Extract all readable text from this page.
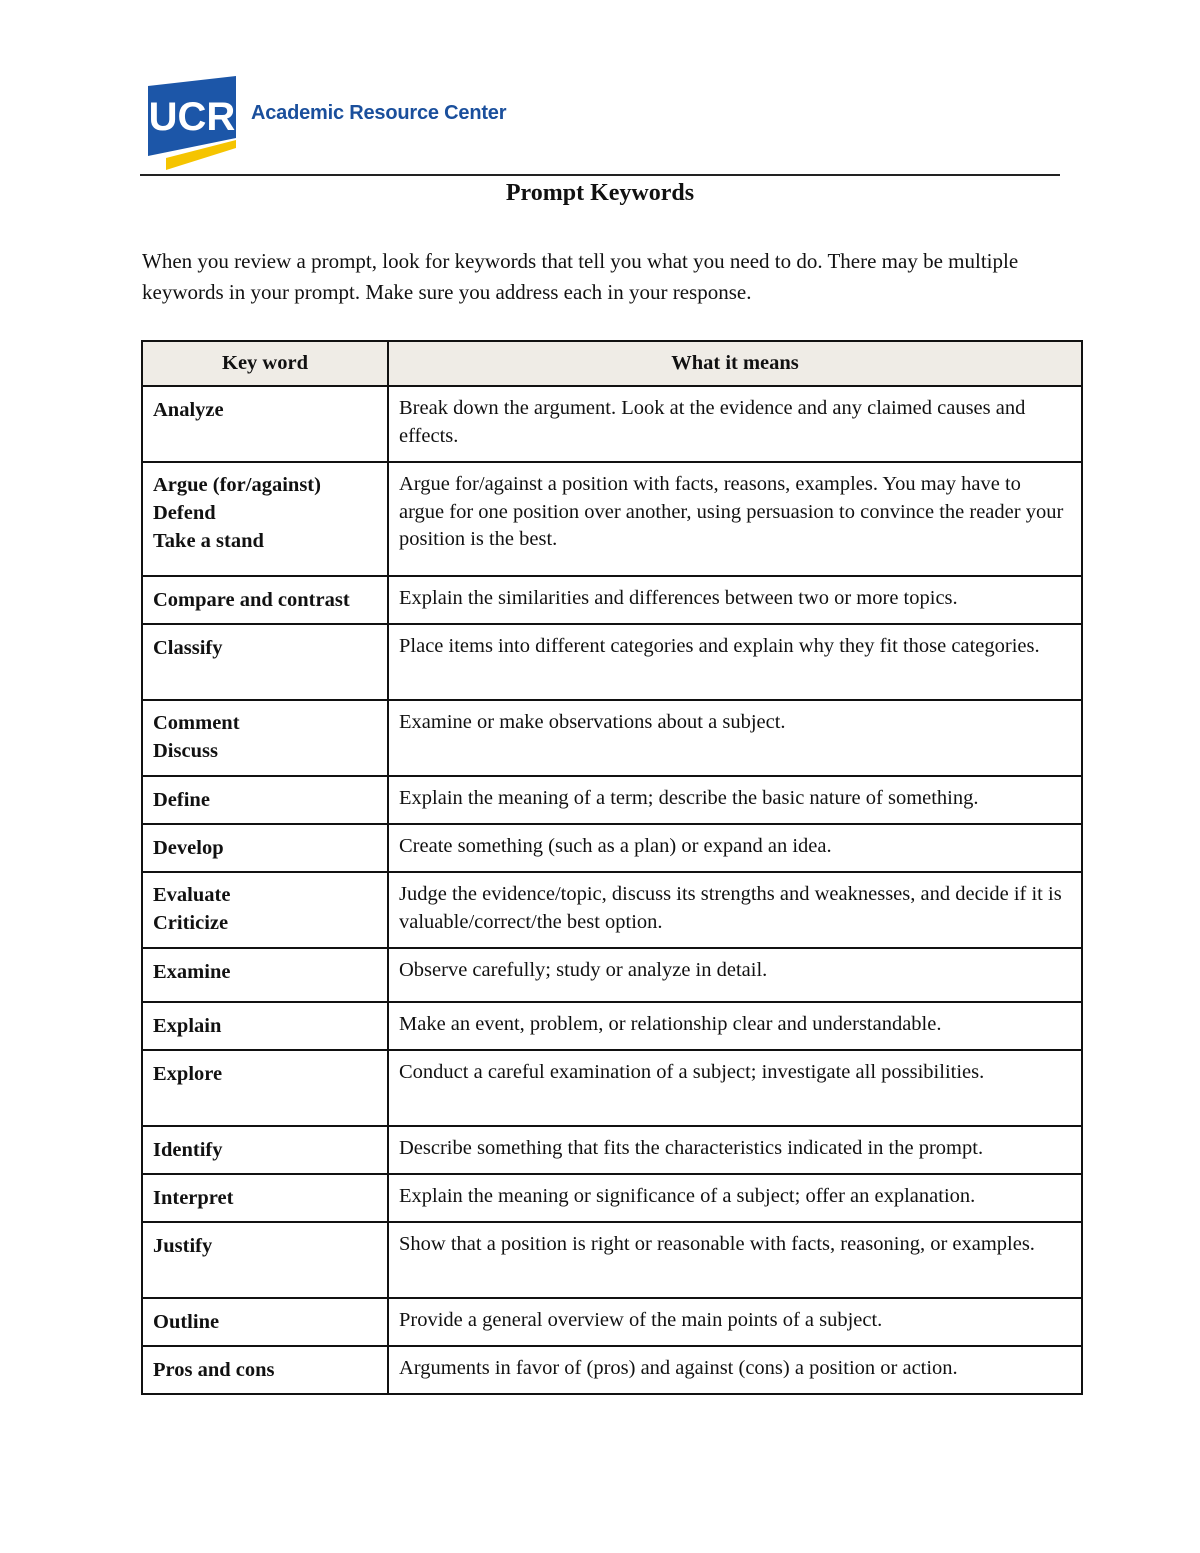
UCR Academic Resource Center
Prompt Keywords
When you review a prompt, look for keywords that tell you what you need to do. There may be multiple keywords in your prompt. Make sure you address each in your response.
Key word	What it means

Analyze	Break down the argument. Look at the evidence and any claimed causes and effects.

Argue (for/against)
Defend
Take a stand	Argue for/against a position with facts, reasons, examples. You may have to argue for one position over another, using persuasion to convince the reader your position is the best.

Compare and contrast	Explain the similarities and differences between two or more topics.

Classify	Place items into different categories and explain why they fit those categories.

Comment
Discuss	Examine or make observations about a subject.

Define	Explain the meaning of a term; describe the basic nature of something.

Develop	Create something (such as a plan) or expand an idea.

Evaluate
Criticize	Judge the evidence/topic, discuss its strengths and weaknesses, and decide if it is valuable/correct/the best option.

Examine	Observe carefully; study or analyze in detail.

Explain	Make an event, problem, or relationship clear and understandable.

Explore	Conduct a careful examination of a subject; investigate all possibilities.

Identify	Describe something that fits the characteristics indicated in the prompt.

Interpret	Explain the meaning or significance of a subject; offer an explanation.

Justify	Show that a position is right or reasonable with facts, reasoning, or examples.

Outline	Provide a general overview of the main points of a subject.

Pros and cons	Arguments in favor of (pros) and against (cons) a position or action.
